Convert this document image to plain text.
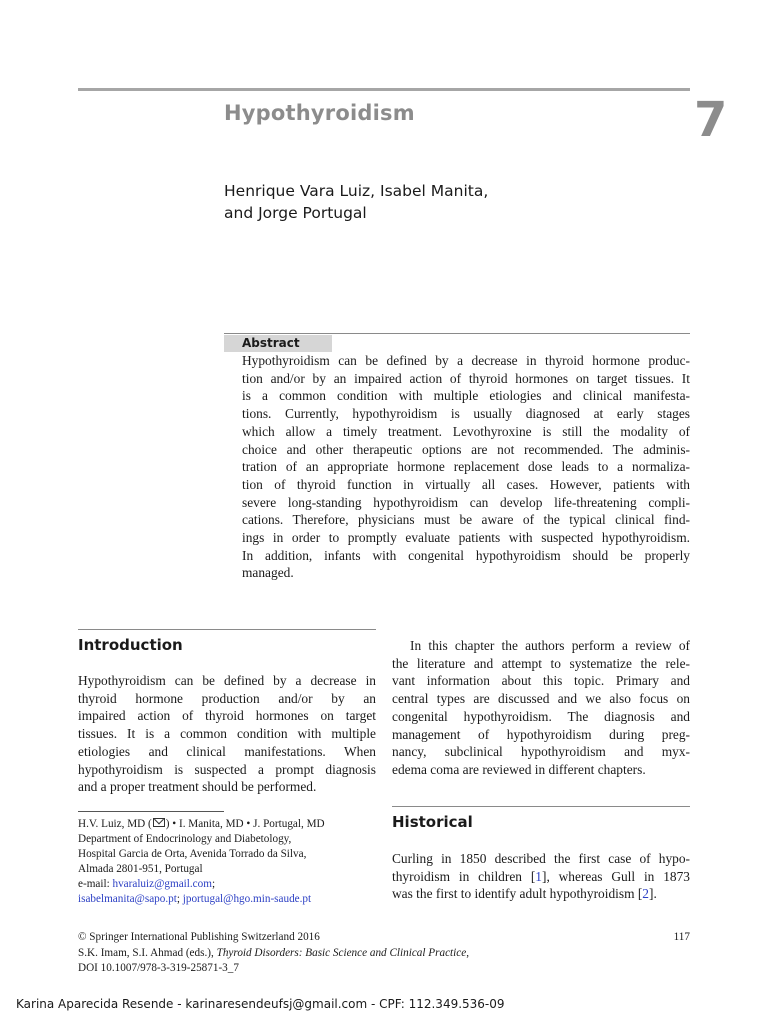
Hypothyroidism	7
Henrique Vara Luiz, Isabel Manita,
and Jorge Portugal
Abstract
Hypothyroidism can be defined by a decrease in thyroid hormone produc-
tion and/or by an impaired action of thyroid hormones on target tissues. It
is a common condition with multiple etiologies and clinical manifesta-
tions. Currently, hypothyroidism is usually diagnosed at early stages
which allow a timely treatment. Levothyroxine is still the modality of
choice and other therapeutic options are not recommended. The adminis-
tration of an appropriate hormone replacement dose leads to a normaliza-
tion of thyroid function in virtually all cases. However, patients with
severe long-standing hypothyroidism can develop life-threatening compli-
cations. Therefore, physicians must be aware of the typical clinical find-
ings in order to promptly evaluate patients with suspected hypothyroidism.
In addition, infants with congenital hypothyroidism should be properly
managed.
Introduction
Hypothyroidism can be defined by a decrease in
thyroid hormone production and/or by an
impaired action of thyroid hormones on target
tissues. It is a common condition with multiple
etiologies and clinical manifestations. When
hypothyroidism is suspected a prompt diagnosis
and a proper treatment should be performed.
In this chapter the authors perform a review of
the literature and attempt to systematize the rele-
vant information about this topic. Primary and
central types are discussed and we also focus on
congenital hypothyroidism. The diagnosis and
management of hypothyroidism during preg-
nancy, subclinical hypothyroidism and myx-
edema coma are reviewed in different chapters.
Historical
Curling in 1850 described the first case of hypo-
thyroidism in children [1], whereas Gull in 1873
was the first to identify adult hypothyroidism [2].
H.V. Luiz, MD ( ) • I. Manita, MD • J. Portugal, MD
Department of Endocrinology and Diabetology,
Hospital Garcia de Orta, Avenida Torrado da Silva,
Almada 2801-951, Portugal
e-mail: hvaraluiz@gmail.com;
isabelmanita@sapo.pt; jportugal@hgo.min-saude.pt
© Springer International Publishing Switzerland 2016	117
S.K. Imam, S.I. Ahmad (eds.), Thyroid Disorders: Basic Science and Clinical Practice,
DOI 10.1007/978-3-319-25871-3_7
Karina Aparecida Resende - karinaresendeufsj@gmail.com - CPF: 112.349.536-09
